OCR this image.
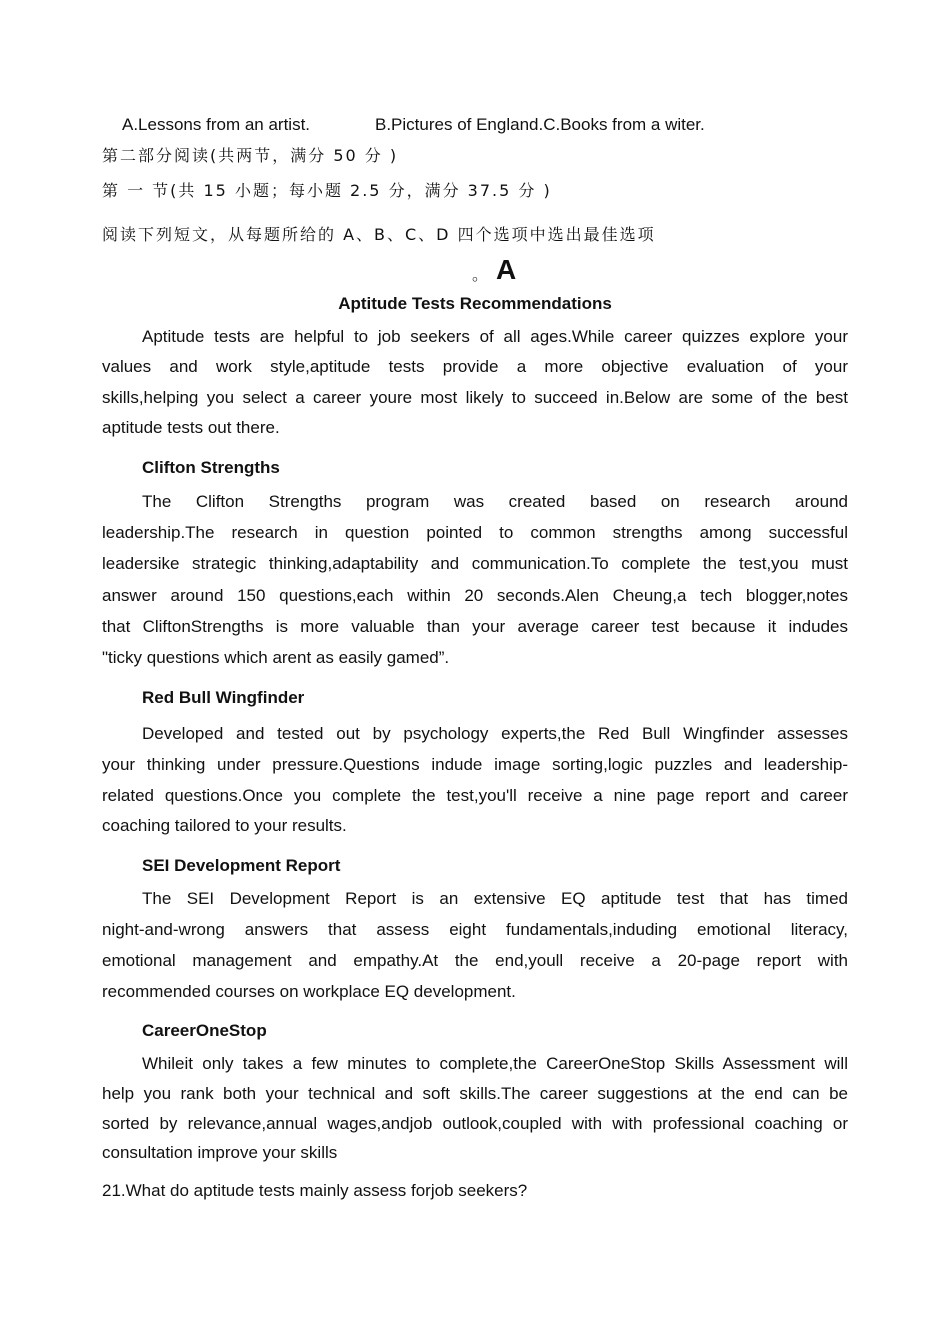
A.Lessons from an artist.	B.Pictures of England.C.Books from a witer.
第二部分阅读(共两节，满分 50 分 )
第 一 节(共 15 小题；每小题 2.5 分，满分 37.5 分 )
阅读下列短文，从每题所给的 A、B、C、D 四个选项中选出最佳选项
。 A
Aptitude Tests Recommendations
Aptitude tests are helpful to job seekers of all ages.While career quizzes explore your
values and work style,aptitude tests provide a more objective evaluation of your
skills,helping you select a career youre most likely to succeed in.Below are some of the best
aptitude tests out there.
Clifton Strengths
The Clifton Strengths program was created based on research around
leadership.The research in question pointed to common strengths among successful
leadersike strategic thinking,adaptability and communication.To complete the test,you must
answer around 150 questions,each within 20 seconds.Alen Cheung,a tech blogger,notes
that CliftonStrengths is more valuable than your average career test because it indudes
"ticky questions which arent as easily gamed”.
Red Bull Wingfinder
Developed and tested out by psychology experts,the Red Bull Wingfinder assesses
your thinking under pressure.Questions indude image sorting,logic puzzles and leadership-
related questions.Once you complete the test,you'll receive a nine page report and career
coaching tailored to your results.
SEI Development Report
The SEI Development Report is an extensive EQ aptitude test that has timed
night-and-wrong answers that assess eight fundamentals,induding emotional literacy,
emotional management and empathy.At the end,youll receive a 20-page report with
recommended courses on workplace EQ development.
CareerOneStop
Whileit only takes a few minutes to complete,the CareerOneStop Skills Assessment will
help you rank both your technical and soft skills.The career suggestions at the end can be
sorted by relevance,annual wages,andjob outlook,coupled with with professional coaching or
consultation improve your skills
21.What do aptitude tests mainly assess forjob seekers?
